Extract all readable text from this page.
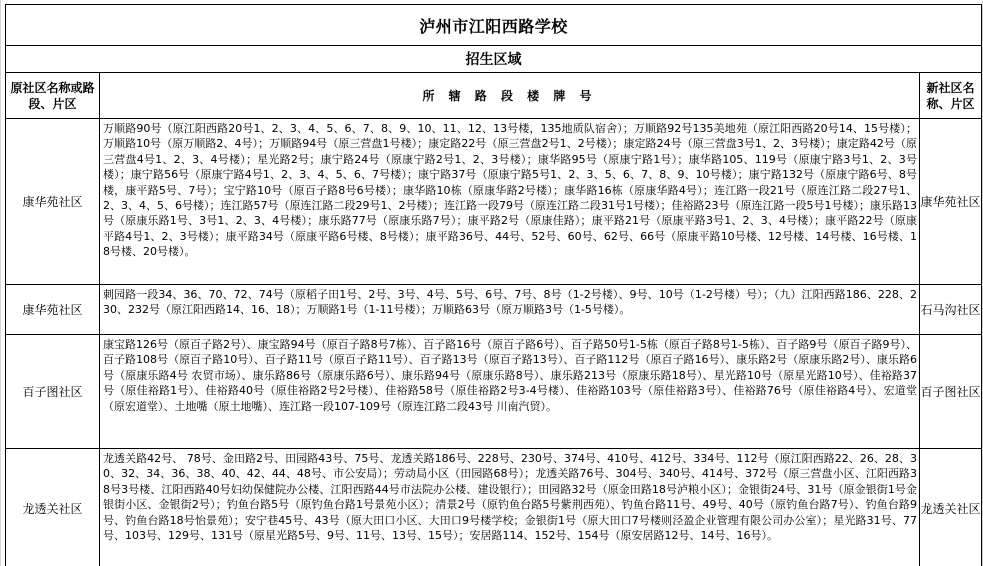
泸州市江阳西路学校		
招生区域		
原社区名称或路段、片区	所 辖 路 段 楼 牌 号	新社区名称、片区
康华苑社区	万顺路90号（原江阳西路20号1、2、3、4、5、6、7、8、9、10、11、12、13号楼，135地质队宿舍）；万顺路92号135美地苑（原江阳西路20号14、15号楼）；万顺路10号（原万顺路2、4号）；万顺路94号（原三营盘1号楼）；康定路22号（原三营盘2号1、2号楼）；康定路24号（原三营盘3号1、2、3号楼）；康定路42号（原三营盘4号1、2、3、4号楼）；星光路2号；康宁路24号（原康宁路2号1、2、3号楼）；康华路95号（原康宁路1号）；康华路105、119号（原康宁路3号1、2、3号楼）；康宁路56号（原康宁路4号1、2、3、4、5、6、7号楼）；康宁路37号（原康宁路5号1、2、3、5、6、7、8、9、10号楼）；康宁路132号（原康宁路6号、8号楼，康平路5号、7号）；宝宁路10号（原百子路8号6号楼）；康华路10栋（原康华路2号楼）；康华路16栋（原康华路4号）；连江路一段21号（原连江路二段27号1、2、3、4、5、6号楼）；连江路57号（原连江路二段29号1、2号楼）；连江路一段79号（原连江路二段31号1号楼）；佳裕路23号（原连江路一段5号1号楼）；康乐路13号（原康乐路1号、3号1、2、3、4号楼）；康乐路77号（原康乐路7号）；康平路2号（原康佳路）；康平路21号（原康平路3号1、2、3、4号楼）；康平路22号（原康平路4号1、2、3号楼）；康平路34号（原康平路6号楼、8号楼）；康平路36号、44号、52号、60号、62号、66号（原康平路10号楼、12号楼、14号楼、16号楼、18号楼、20号楼）。	康华苑社区
康华苑社区	刺园路一段34、36、70、72、74号（原稻子田1号、2号、3号、4号、5号、6号、7号、8号（1-2号楼）、9号、10号（1-2号楼）号）；（九）江阳西路186、228、230、232号（原江阳西路14、16、18）；万顺路1号（1-11号楼）；万顺路63号（原万顺路3号（1-5号楼）。	石马沟社区
百子图社区	康宝路126号（原百子路2号）、康宝路94号（原百子路8号7栋）、百子路16号（原百子路6号）、百子路50号1-5栋（原百子路8号1-5栋）、百子路9号（原百子路9号）、百子路108号（原百子路10号）、百子路11号（原百子路11号）、百子路13号（原百子路13号）、百子路112号（原百子路16号）、康乐路2号（原康乐路2号）、康乐路6号（原康乐路4号 农贸市场）、康乐路86号（原康乐路6号）、康乐路94号（原康乐路8号）、康乐路213号（原康乐路18号）、星光路10号（原星光路10号）、佳裕路37号（原佳裕路1号）、佳裕路40号（原佳裕路2号2号楼）、佳裕路58号（原佳裕路2号3-4号楼）、佳裕路103号（原佳裕路3号）、佳裕路76号（原佳裕路4号）、宏道堂（原宏道堂）、土地嘴（原土地嘴）、连江路一段107-109号（原连江路二段43号 川南汽贸）。	百子图社区
龙透关社区	龙透关路42号、 78号、金田路2号、田园路43号、75号、龙透关路186号、228号、230号、374号、410号、412号、334号、112号（原江阳西路22、26、28、30、32、34、36、38、40、42、44、48号、市公安局）；劳动局小区（田园路68号）；龙透关路76号、304号、340号、414号、372号（原三营盘小区、江阳西路38号3号楼、江阳西路40号妇幼保健院办公楼、江阳西路44号市法院办公楼、建设银行）；田园路32号（原金田路18号泸粮小区）；金银街24号、31号（原金银街1号金银街小区、金银街2号）；钓鱼台路5号（原钓鱼台路1号景苑小区）；清景2号（原钓鱼台路5号紫荆西苑）、钓鱼台路11号、49号、40号（原钓鱼台路7号）、钓鱼台路9号、钓鱼台路18号怡景苑）；安宁巷45号、43号（原大田口小区、大田口9号楼学校；金银街1号（原大田口7号楼则泾盈企业管理有限公司办公室）；星光路31号、77号、103号、129号、131号（原星光路5号、9号、11号、13号、15号）；安居路114、152号、154号（原安居路12号、14号、16号）。	龙透关社区
